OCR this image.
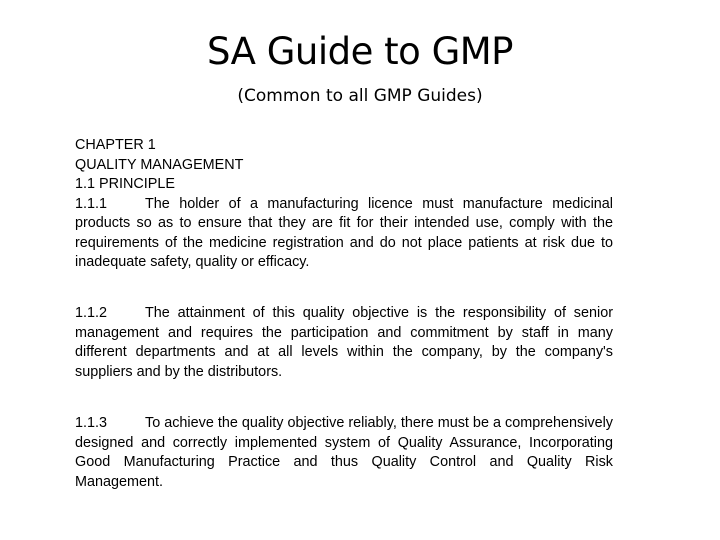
SA Guide to GMP
(Common to all GMP Guides)
CHAPTER 1
QUALITY MANAGEMENT
1.1 PRINCIPLE

1.1.1	The holder of a manufacturing licence must manufacture medicinal products so as to ensure that they are fit for their intended use, comply with the requirements of the medicine registration and do not place patients at risk due to inadequate safety, quality or efficacy.

1.1.2	The attainment of this quality objective is the responsibility of senior management and requires the participation and commitment by staff in many different departments and at all levels within the company, by the company's suppliers and by the distributors.

1.1.3	To achieve the quality objective reliably, there must be a comprehensively designed and correctly implemented system of Quality Assurance, Incorporating Good Manufacturing Practice and thus Quality Control and Quality Risk Management.
